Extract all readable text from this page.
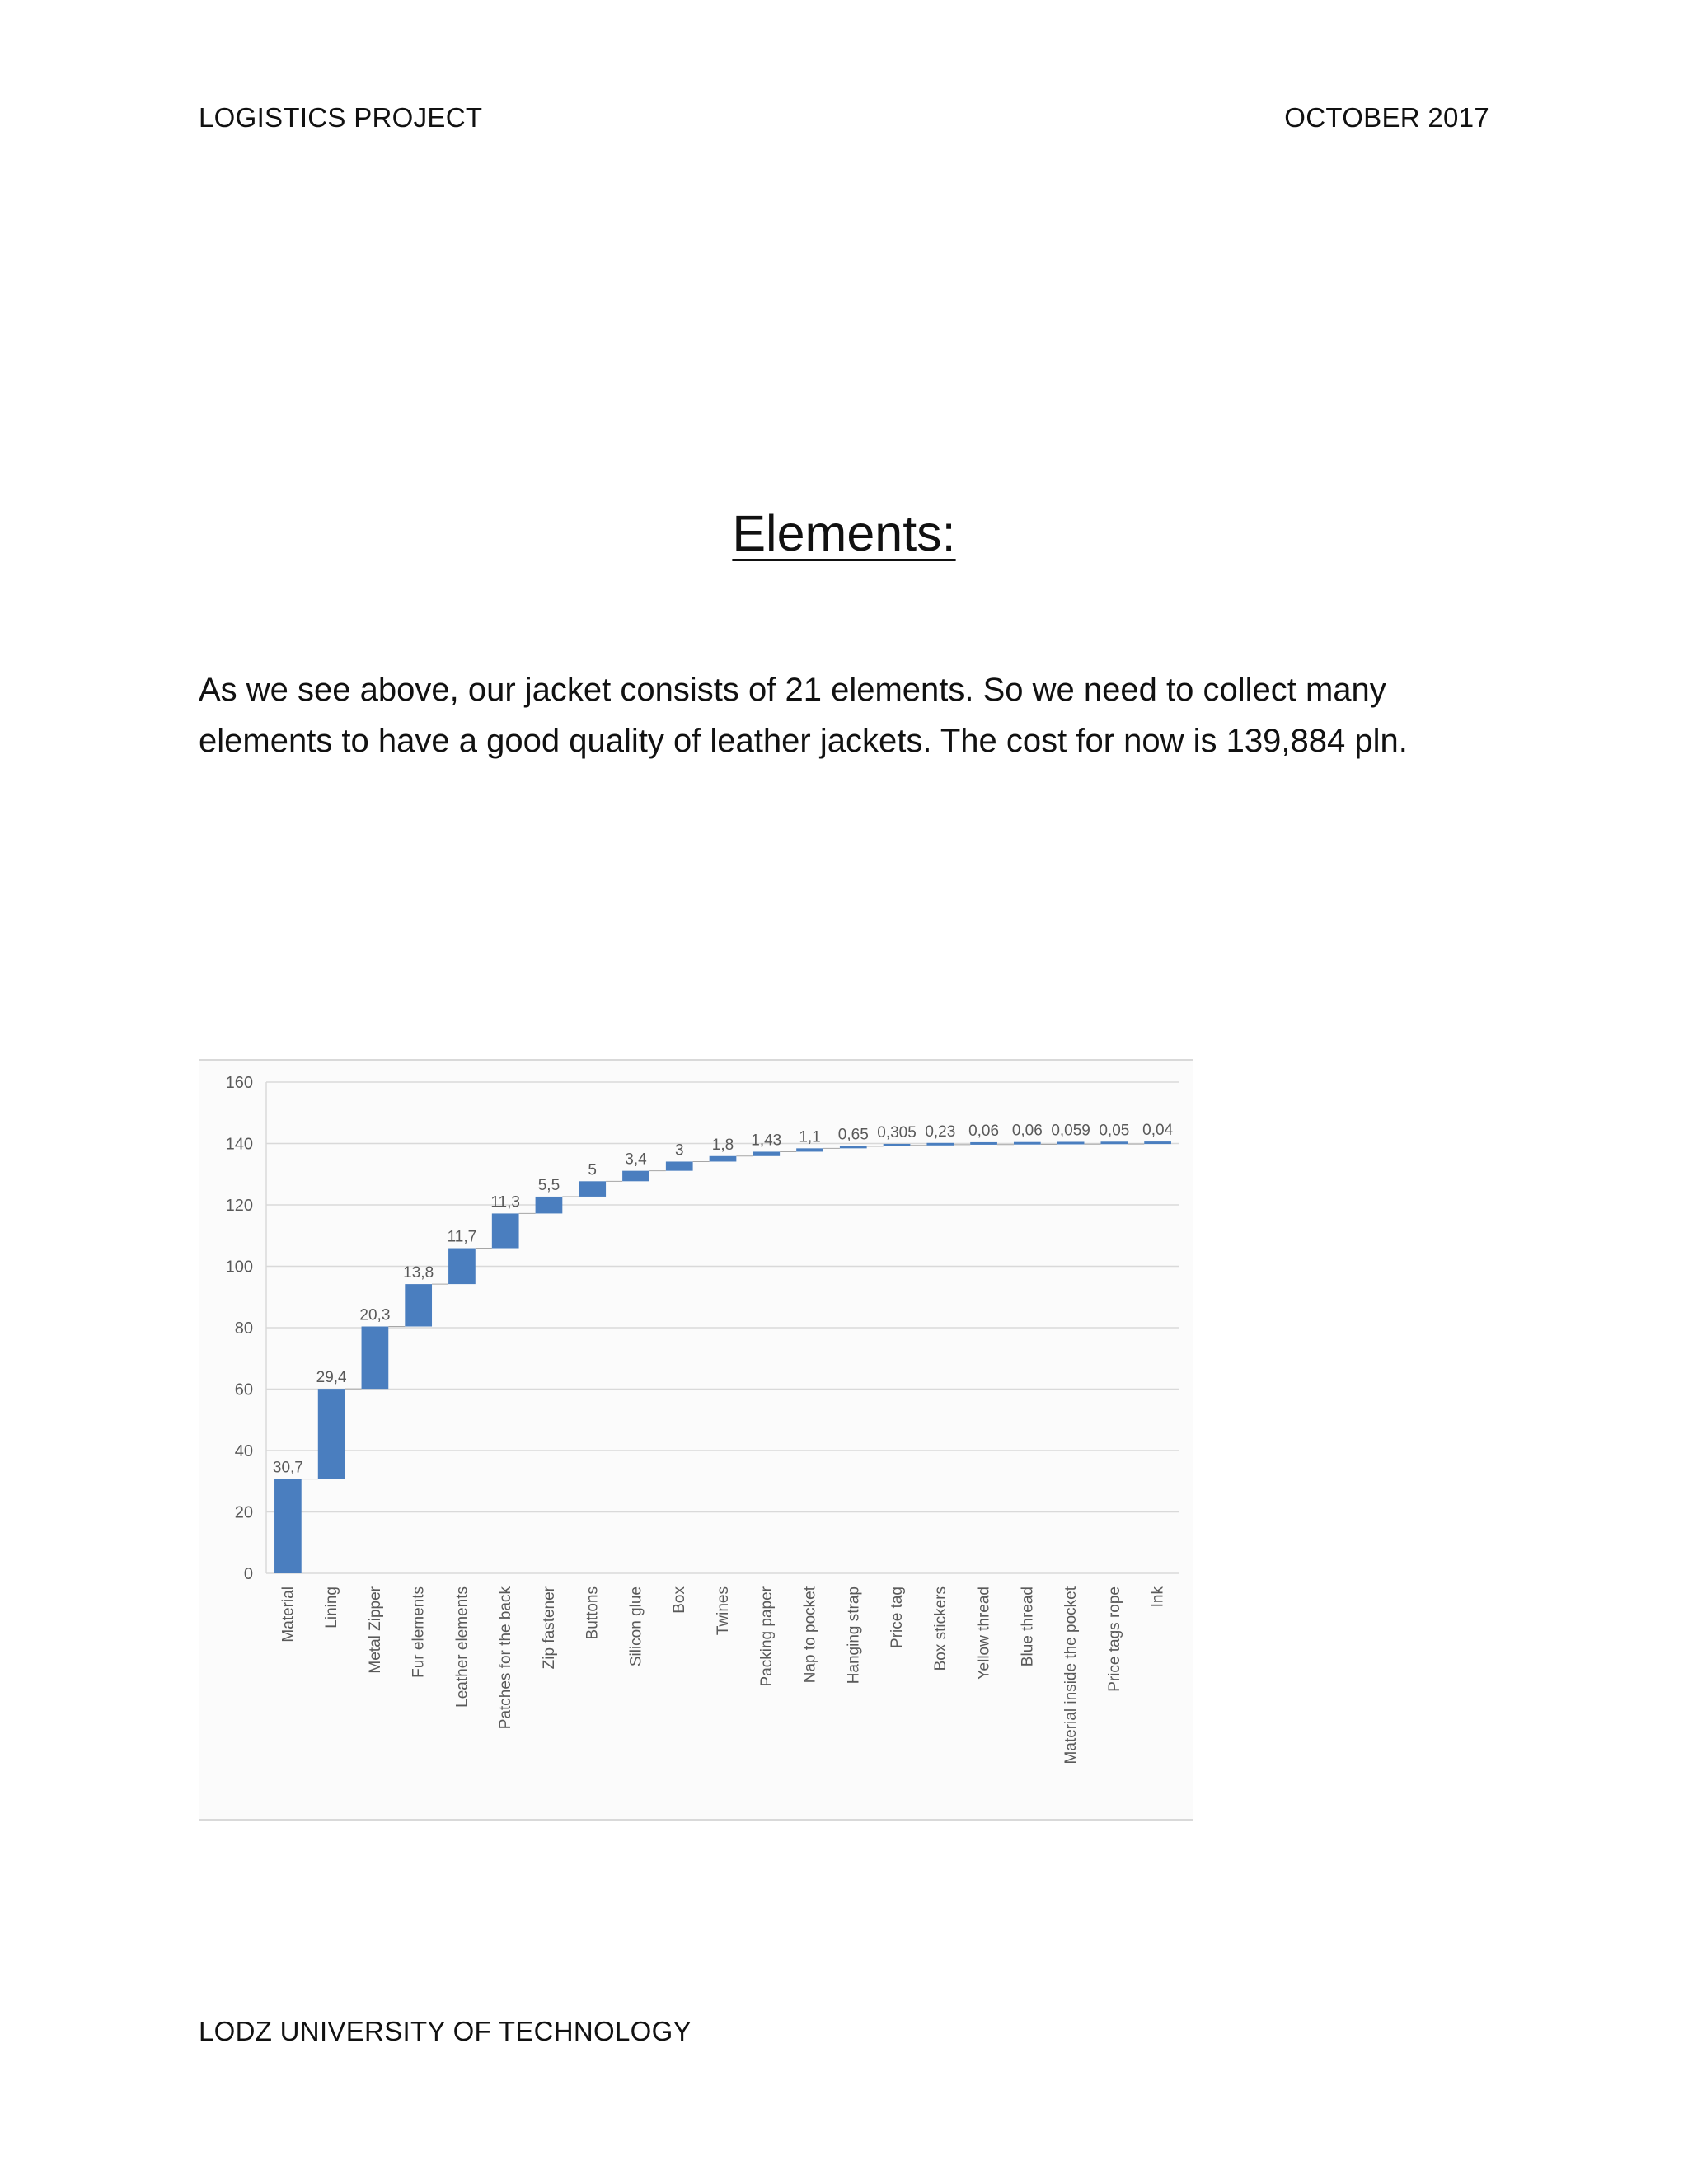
LOGISTICS PROJECT	OCTOBER 2017
Elements:
As we see above, our jacket consists of 21 elements. So we need to collect many elements to have a good quality of leather jackets. The cost for now is 139,884 pln.
0
20
40
60
80
100
120
140
160
30,7
Material
29,4
Lining
20,3
Metal Zipper
13,8
Fur elements
11,7
Leather elements
11,3
Patches for the back
5,5
Zip fastener
5
Buttons
3,4
Silicon glue
3
Box
1,8
Twines
1,43
Packing paper
1,1
Nap to pocket
0,65
Hanging strap
0,305
Price tag
0,23
Box stickers
0,06
Yellow thread
0,06
Blue thread
0,059
Material inside the pocket
0,05
Price tags rope
0,04
Ink
LODZ UNIVERSITY OF TECHNOLOGY
